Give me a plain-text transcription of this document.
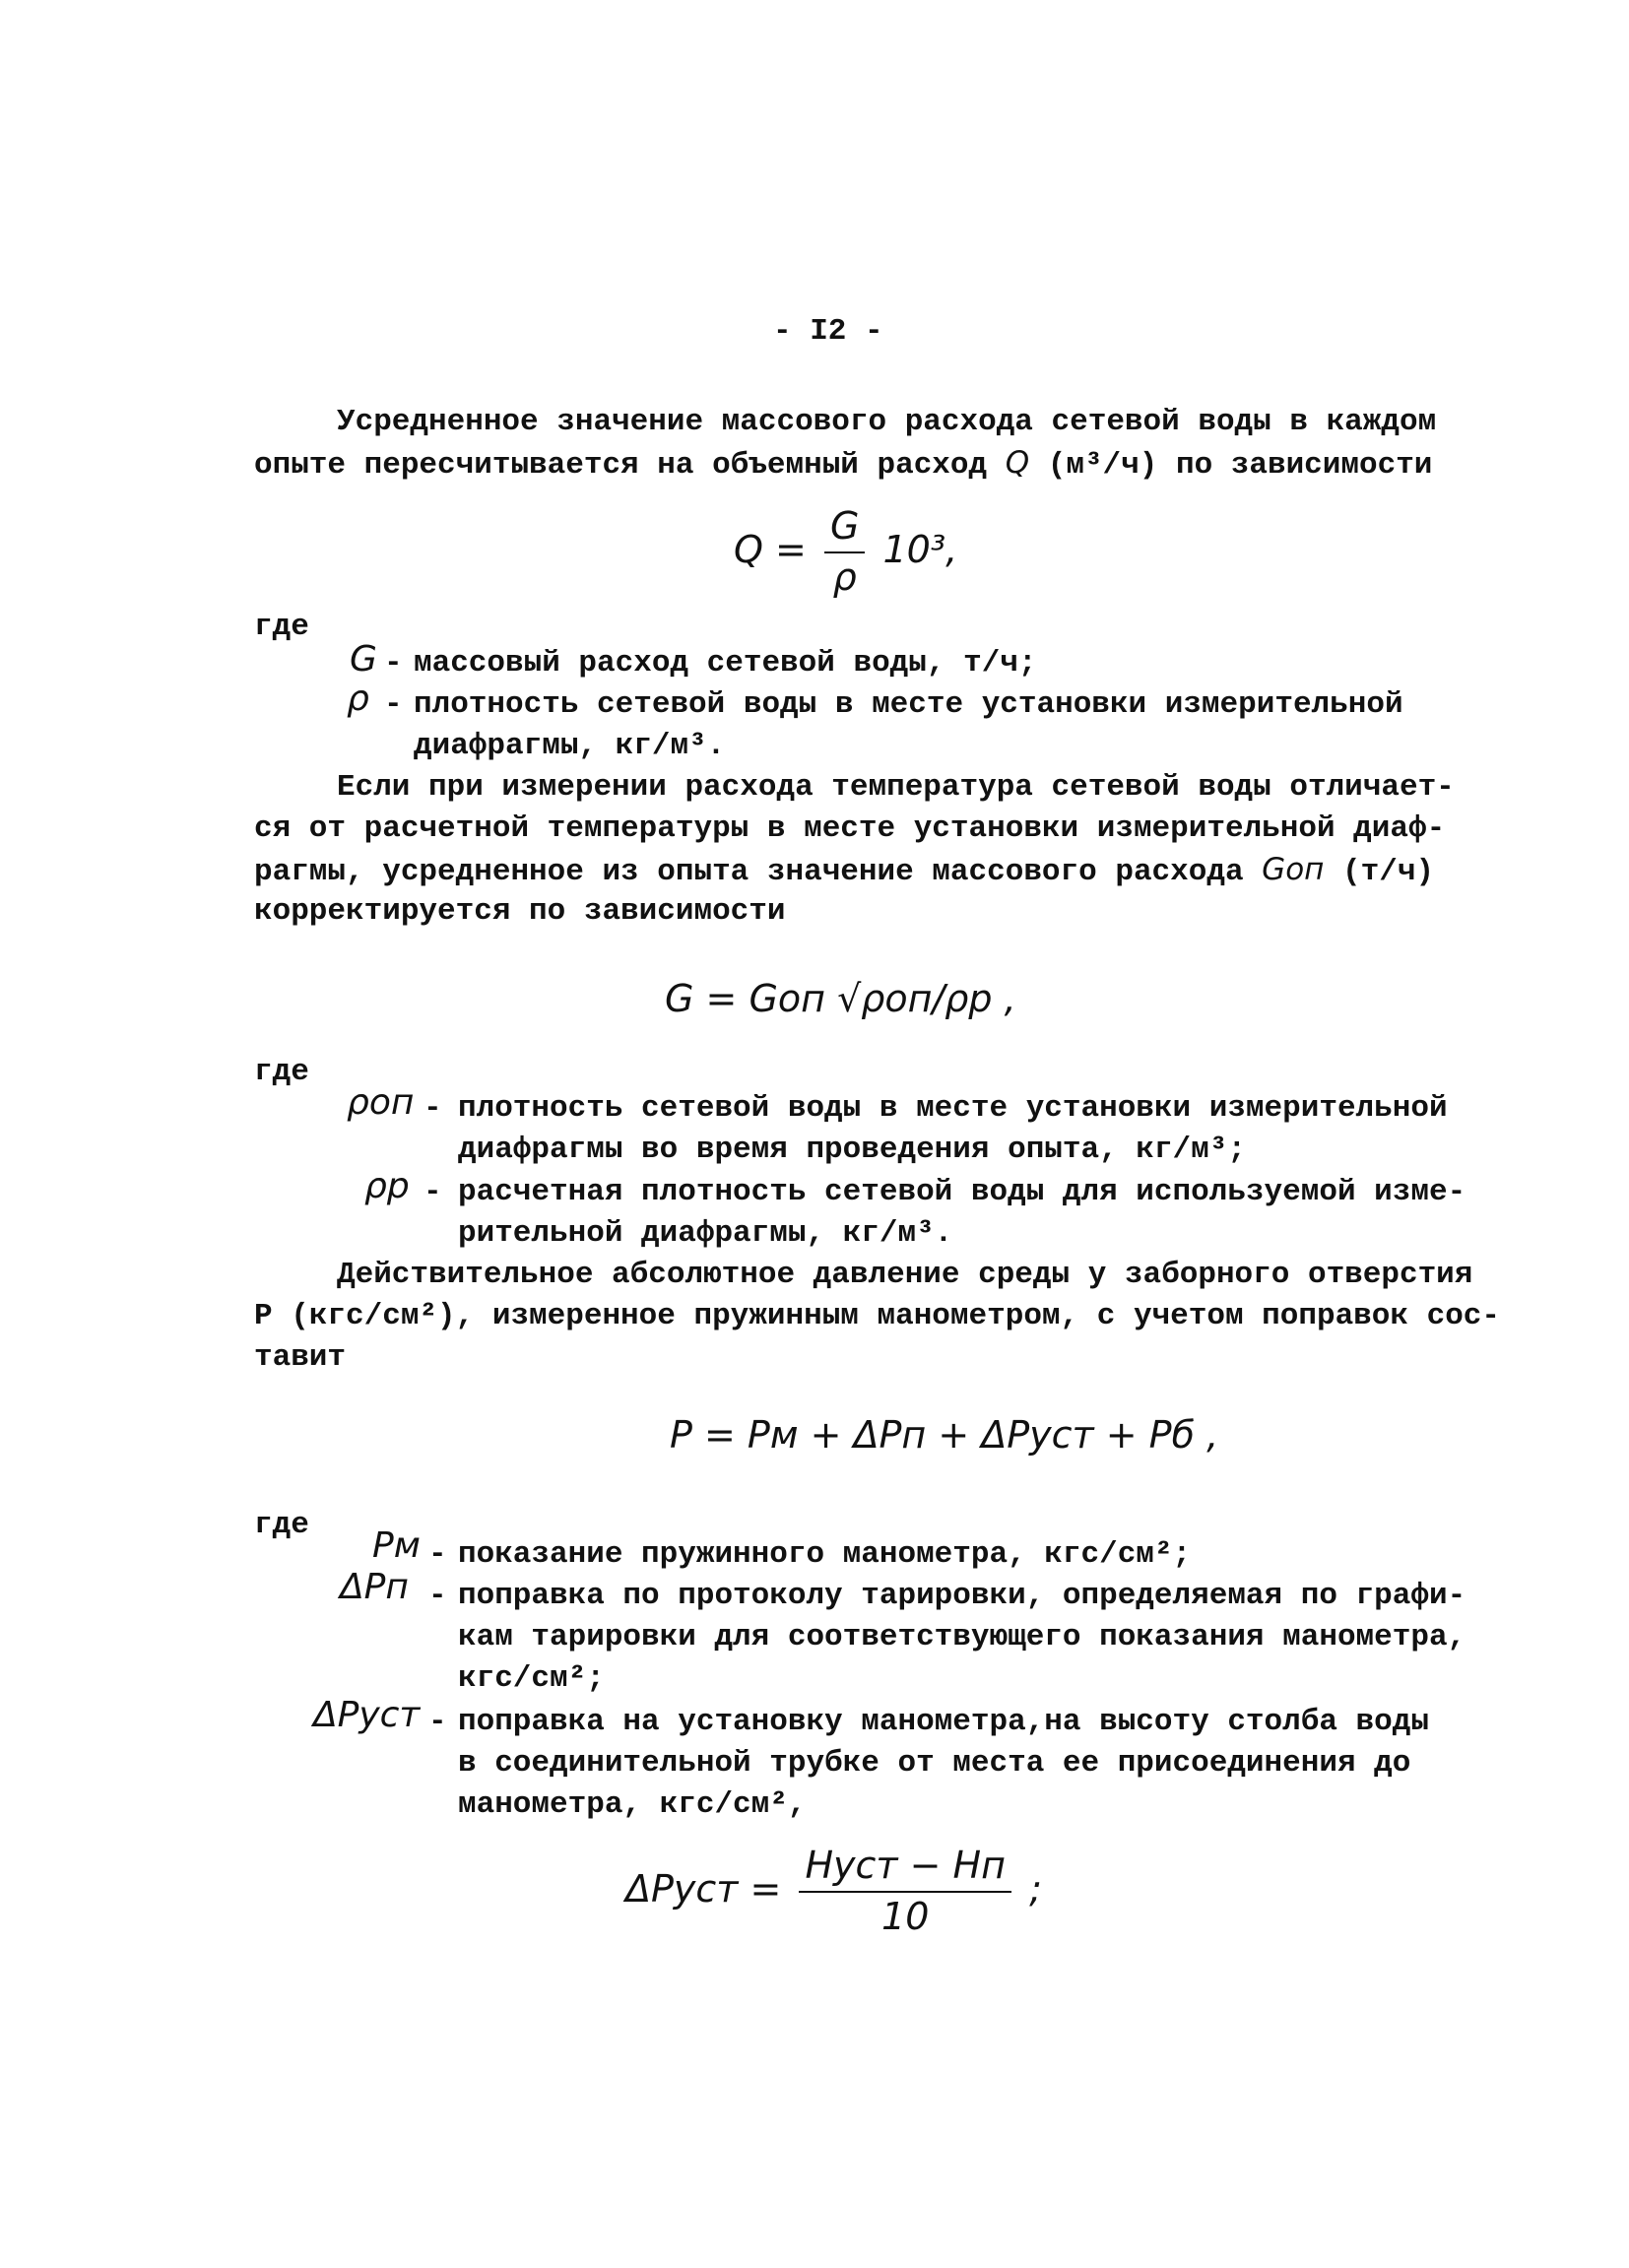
- I2 -
Усредненное значение массового расхода сетевой воды в каждом
опыте пересчитывается на объемный расход Q (м³/ч) по зависимости
$Q = \frac{G}{\rho} 10^3$,
где
G - массовый расход сетевой воды, т/ч;
ρ - плотность сетевой воды в месте установки измерительной
диафрагмы, кг/м³.
Если при измерении расхода температура сетевой воды отличает-
ся от расчетной температуры в месте установки измерительной диаф-
рагмы, усредненное из опыта значение массового расхода Gоп (т/ч)
корректируется по зависимости
G = Gоп √ρоп/ρр ,
где
ρоп - плотность сетевой воды в месте установки измерительной
диафрагмы во время проведения опыта, кг/м³;
ρр - расчетная плотность сетевой воды для используемой изме-
рительной диафрагмы, кг/м³.
Действительное абсолютное давление среды у заборного отверстия
Р (кгс/см²), измеренное пружинным манометром, с учетом поправок сос-
тавит
P = Pм + ΔPп + ΔPуст + Pб ,
где
Pм - показание пружинного манометра, кгс/см²;
ΔPп - поправка по протоколу тарировки, определяемая по графи-
кам тарировки для соответствующего показания манометра,
кгс/см²;
ΔPуст - поправка на установку манометра,на высоту столба воды
в соединительной трубке от места ее присоединения до
манометра, кгс/см²,
ΔPуст = $\frac{\text{Hуст − Hп}}{10}$ ;
